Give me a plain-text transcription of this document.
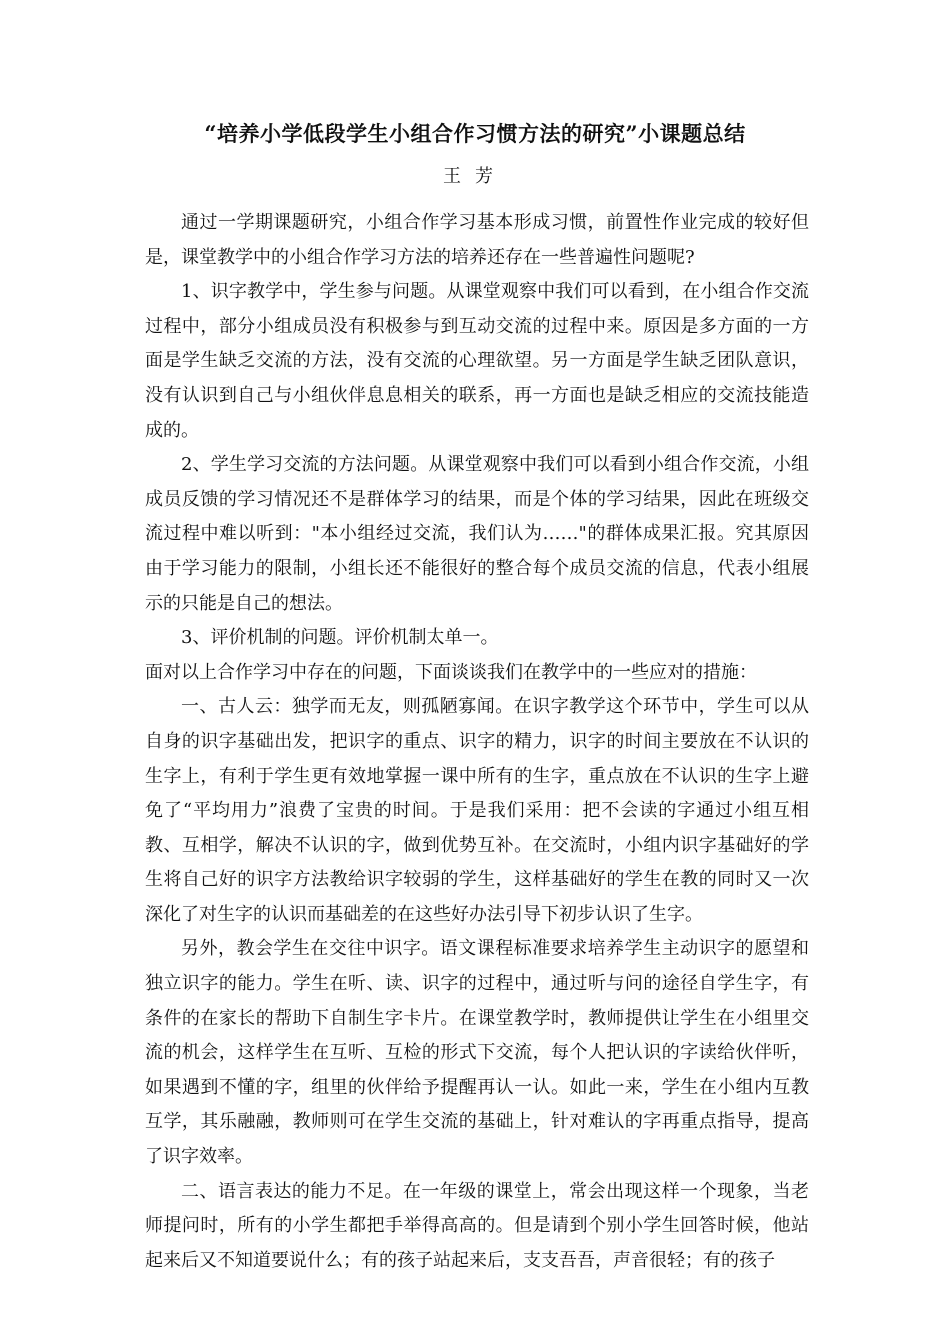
“培养小学低段学生小组合作习惯方法的研究”小课题总结
王芳

通过一学期课题研究，小组合作学习基本形成习惯，前置性作业完成的较好但是，课堂教学中的小组合作学习方法的培养还存在一些普遍性问题呢?

1、识字教学中，学生参与问题。从课堂观察中我们可以看到，在小组合作交流过程中，部分小组成员没有积极参与到互动交流的过程中来。原因是多方面的一方面是学生缺乏交流的方法，没有交流的心理欲望。另一方面是学生缺乏团队意识，没有认识到自己与小组伙伴息息相关的联系，再一方面也是缺乏相应的交流技能造成的。

2、学生学习交流的方法问题。从课堂观察中我们可以看到小组合作交流，小组成员反馈的学习情况还不是群体学习的结果，而是个体的学习结果，因此在班级交流过程中难以听到："本小组经过交流，我们认为……"的群体成果汇报。究其原因由于学习能力的限制，小组长还不能很好的整合每个成员交流的信息，代表小组展示的只能是自己的想法。

3、评价机制的问题。评价机制太单一。

面对以上合作学习中存在的问题，下面谈谈我们在教学中的一些应对的措施：

一、古人云：独学而无友，则孤陋寡闻。在识字教学这个环节中，学生可以从自身的识字基础出发，把识字的重点、识字的精力，识字的时间主要放在不认识的生字上，有利于学生更有效地掌握一课中所有的生字，重点放在不认识的生字上避免了“平均用力”浪费了宝贵的时间。于是我们采用：把不会读的字通过小组互相教、互相学，解决不认识的字，做到优势互补。在交流时，小组内识字基础好的学生将自己好的识字方法教给识字较弱的学生，这样基础好的学生在教的同时又一次深化了对生字的认识而基础差的在这些好办法引导下初步认识了生字。

另外，教会学生在交往中识字。语文课程标准要求培养学生主动识字的愿望和独立识字的能力。学生在听、读、识字的过程中，通过听与问的途径自学生字，有条件的在家长的帮助下自制生字卡片。在课堂教学时，教师提供让学生在小组里交流的机会，这样学生在互听、互检的形式下交流，每个人把认识的字读给伙伴听，如果遇到不懂的字，组里的伙伴给予提醒再认一认。如此一来，学生在小组内互教互学，其乐融融，教师则可在学生交流的基础上，针对难认的字再重点指导，提高了识字效率。

二、语言表达的能力不足。在一年级的课堂上，常会出现这样一个现象，当老师提问时，所有的小学生都把手举得高高的。但是请到个别小学生回答时候，他站起来后又不知道要说什么；有的孩子站起来后，支支吾吾，声音很轻；有的孩子
